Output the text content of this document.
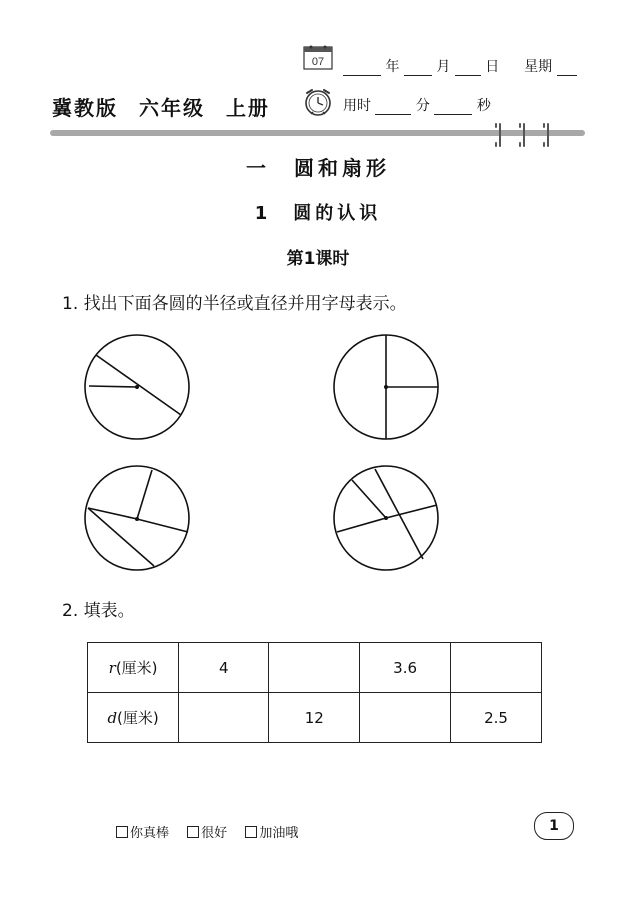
冀教版 六年级 上册
07	年	月 日 星期
用时	分	秒
一　圆和扇形
1　圆的认识
第1课时
1. 找出下面各圆的半径或直径并用字母表示。
2. 填表。
r(厘米)	4		3.6	
d(厘米)		12		2.5
你真棒 很好 加油哦	1
